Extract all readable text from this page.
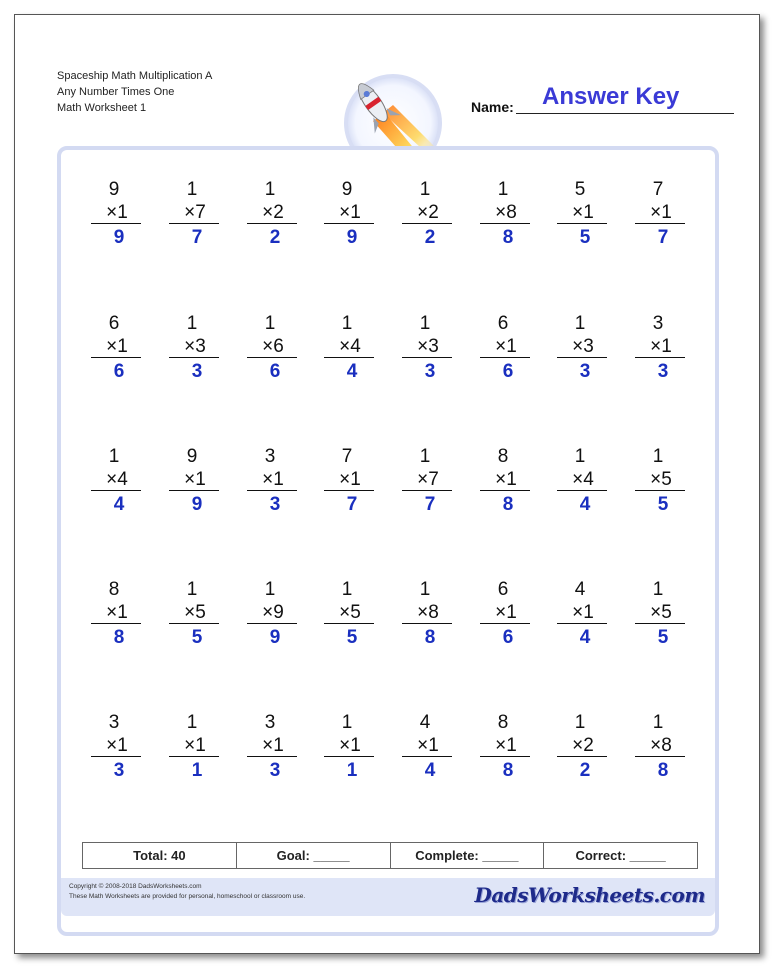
Spaceship Math Multiplication A
Any Number Times One
Math Worksheet 1	Name: Answer Key
9
×1
9
1
×7
7
1
×2
2
9
×1
9
1
×2
2
1
×8
8
5
×1
5
7
×1
7
6
×1
6
1
×3
3
1
×6
6
1
×4
4
1
×3
3
6
×1
6
1
×3
3
3
×1
3
1
×4
4
9
×1
9
3
×1
3
7
×1
7
1
×7
7
8
×1
8
1
×4
4
1
×5
5
8
×1
8
1
×5
5
1
×9
9
1
×5
5
1
×8
8
6
×1
6
4
×1
4
1
×5
5
3
×1
3
1
×1
1
3
×1
3
1
×1
1
4
×1
4
8
×1
8
1
×2
2
1
×8
8
Total: 40	Goal: _____	Complete: _____	Correct: _____
Copyright © 2008-2018 DadsWorksheets.com
These Math Worksheets are provided for personal, homeschool or classroom use.	DadsWorksheets.com
